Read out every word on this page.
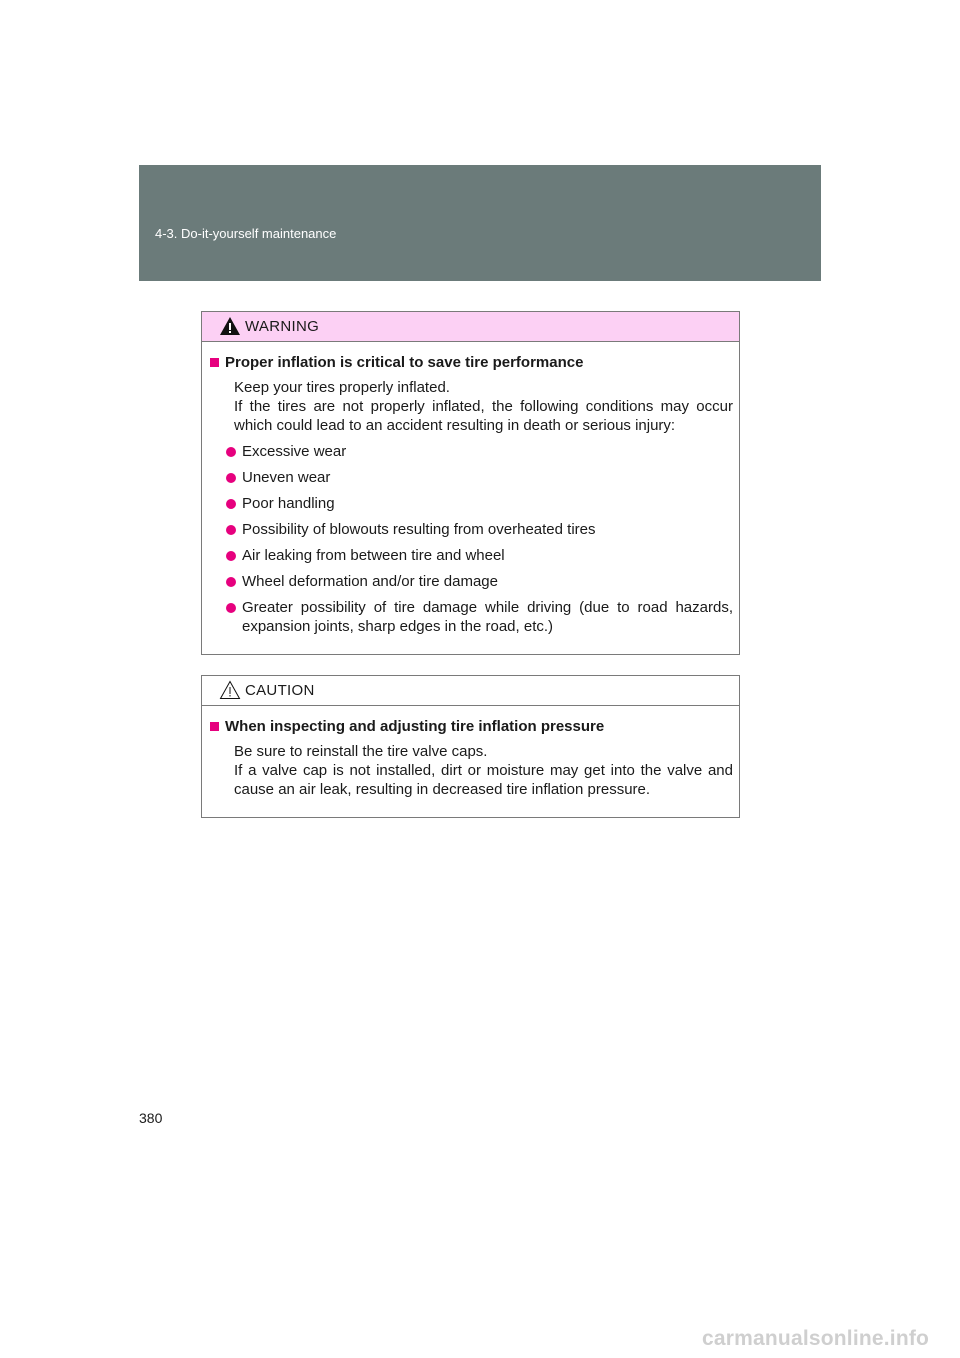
4-3. Do-it-yourself maintenance
WARNING
Proper inflation is critical to save tire performance

Keep your tires properly inflated.

If the tires are not properly inflated, the following conditions may occur which could lead to an accident resulting in death or serious injury:

Excessive wear
Uneven wear
Poor handling
Possibility of blowouts resulting from overheated tires
Air leaking from between tire and wheel
Wheel deformation and/or tire damage
Greater possibility of tire damage while driving (due to road hazards, expansion joints, sharp edges in the road, etc.)
CAUTION
When inspecting and adjusting tire inflation pressure

Be sure to reinstall the tire valve caps.

If a valve cap is not installed, dirt or moisture may get into the valve and cause an air leak, resulting in decreased tire inflation pressure.

380
carmanualsonline.info
